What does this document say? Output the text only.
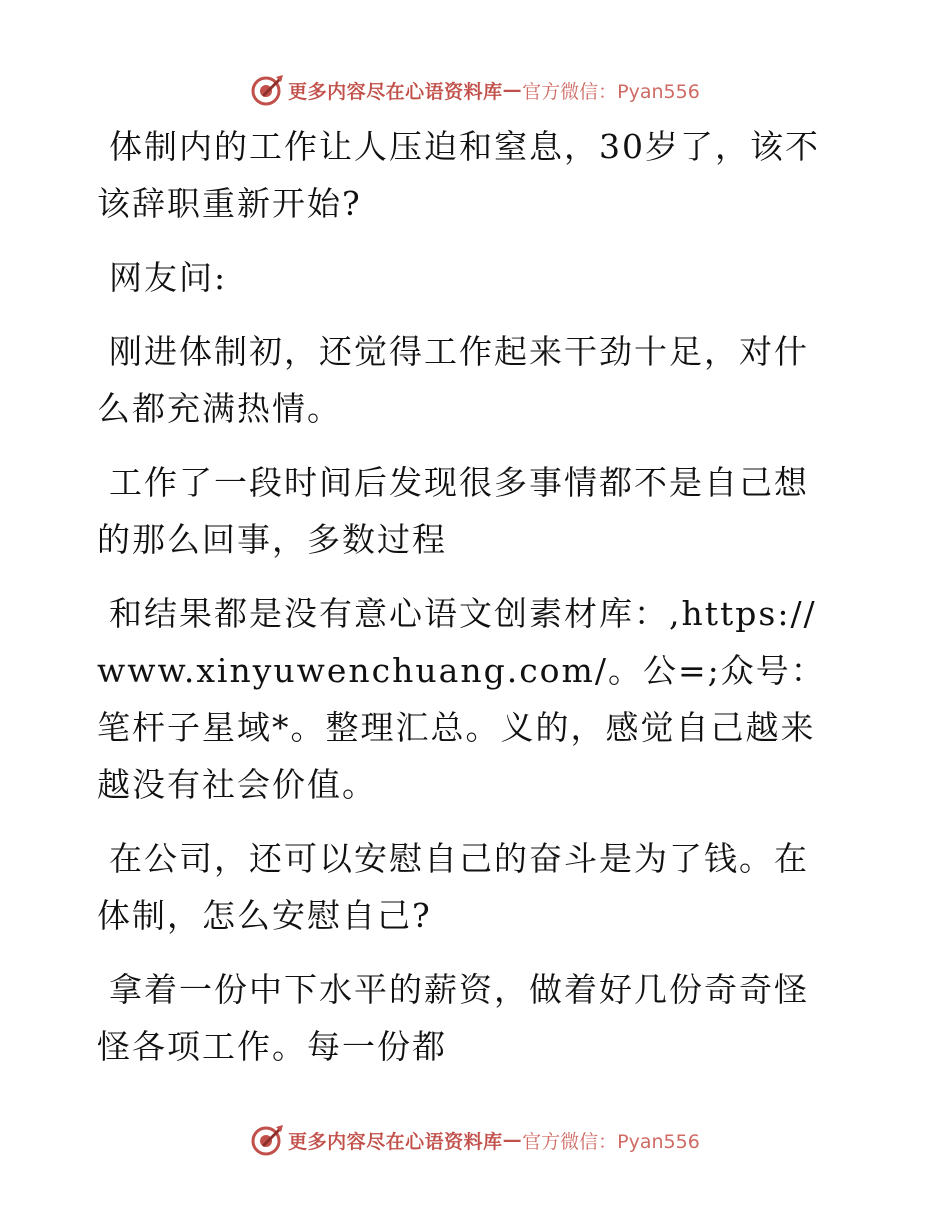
更多内容尽在心语资料库 — 官方微信：Pyan556

体制内的工作让人压迫和窒息，30岁了，该不该辞职重新开始?

网友问:

刚进体制初，还觉得工作起来干劲十足，对什么都充满热情。

工作了一段时间后发现很多事情都不是自己想的那么回事，多数过程

和结果都是没有意心语文创素材库：,https://www.xinyuwenchuang.com/。公=;众号：笔杆子星域*。整理汇总。义的，感觉自己越来越没有社会价值。

在公司，还可以安慰自己的奋斗是为了钱。在体制，怎么安慰自己?

拿着一份中下水平的薪资，做着好几份奇奇怪怪各项工作。每一份都

更多内容尽在心语资料库 — 官方微信：Pyan556
